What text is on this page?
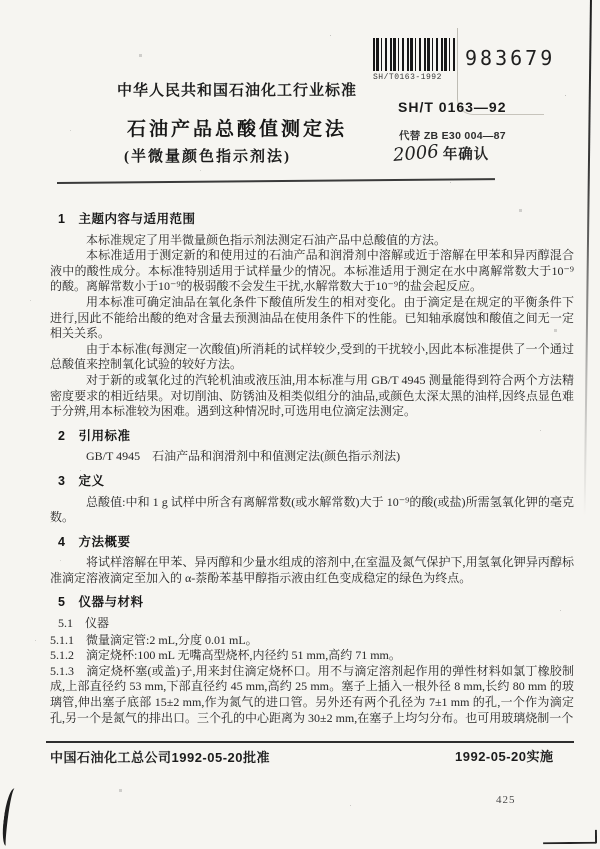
中华人民共和国石油化工行业标准
石油产品总酸值测定法
(半微量颜色指示剂法)
SH/T0163-1992
983679
SH/T 0163—92
代替 ZB E30 004—87
2006 年确认
1　主题内容与适用范围

本标准规定了用半微量颜色指示剂法测定石油产品中总酸值的方法。

本标准适用于测定新的和使用过的石油产品和润滑剂中溶解或近于溶解在甲苯和异丙醇混合液中的酸性成分。本标准特别适用于试样量少的情况。本标准适用于测定在水中离解常数大于10⁻⁹的酸。离解常数小于10⁻⁹的极弱酸不会发生干扰,水解常数大于10⁻⁹的盐会起反应。

用本标准可确定油品在氧化条件下酸值所发生的相对变化。由于滴定是在规定的平衡条件下进行,因此不能给出酸的绝对含量去预测油品在使用条件下的性能。已知轴承腐蚀和酸值之间无一定相关关系。

由于本标准(每测定一次酸值)所消耗的试样较少,受到的干扰较小,因此本标准提供了一个通过总酸值来控制氧化试验的较好方法。

对于新的或氧化过的汽轮机油或液压油,用本标准与用 GB/T 4945 测量能得到符合两个方法精密度要求的相近结果。对切削油、防锈油及相类似组分的油品,或颜色太深太黑的油样,因终点显色难于分辨,用本标准较为困难。遇到这种情况时,可选用电位滴定法测定。

2　引用标准

GB/T 4945　石油产品和润滑剂中和值测定法(颜色指示剂法)

3　定义

总酸值:中和 1 g 试样中所含有离解常数(或水解常数)大于 10⁻⁹的酸(或盐)所需氢氧化钾的毫克数。

4　方法概要

将试样溶解在甲苯、异丙醇和少量水组成的溶剂中,在室温及氮气保护下,用氢氧化钾异丙醇标准滴定溶液滴定至加入的 α-萘酚苯基甲醇指示液由红色变成稳定的绿色为终点。

5　仪器与材料
5.1　仪器

5.1.1　微量滴定管:2 mL,分度 0.01 mL。

5.1.2　滴定烧杯:100 mL 无嘴高型烧杯,内径约 51 mm,高约 71 mm。

5.1.3　滴定烧杯塞(或盖)子,用来封住滴定烧杯口。用不与滴定溶剂起作用的弹性材料如氯丁橡胶制成,上部直径约 53 mm,下部直径约 45 mm,高约 25 mm。塞子上插入一根外径 8 mm,长约 80 mm 的玻璃管,伸出塞子底部 15±2 mm,作为氮气的进口管。另外还有两个孔径为 7±1 mm 的孔,一个作为滴定孔,另一个是氮气的排出口。三个孔的中心距离为 30±2 mm,在塞子上均匀分布。也可用玻璃烧制一个

中国石油化工总公司1992-05-20批准	1992-05-20实施
425
